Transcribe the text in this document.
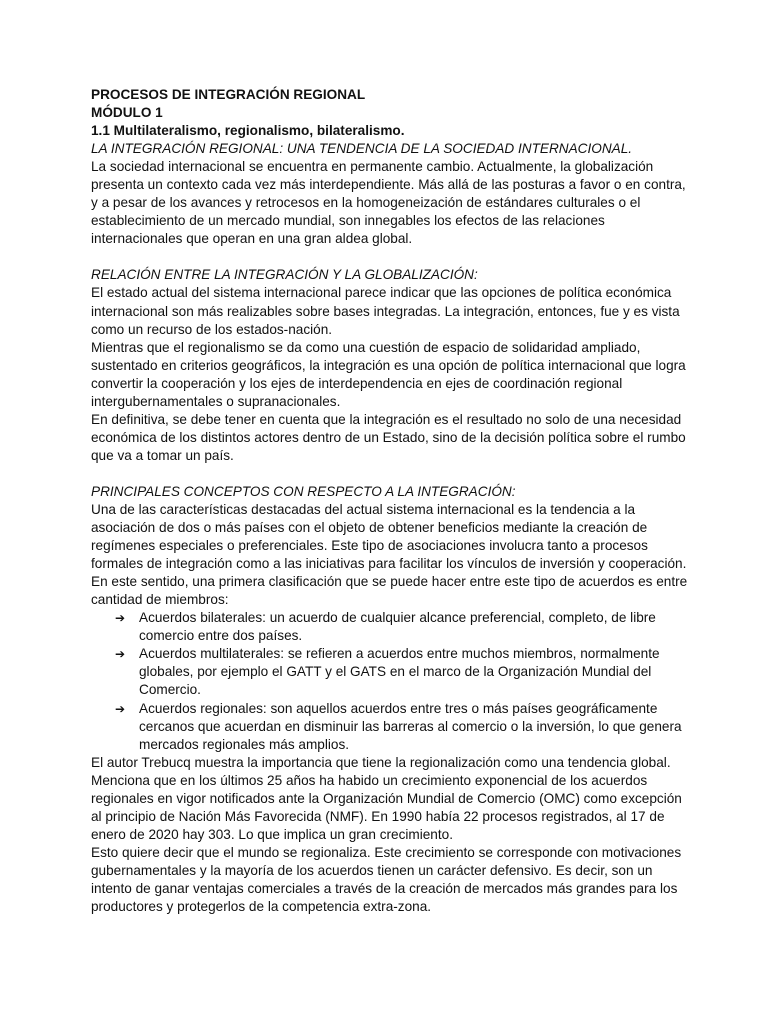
PROCESOS DE INTEGRACIÓN REGIONAL

MÓDULO 1

1.1 Multilateralismo, regionalismo, bilateralismo.

LA INTEGRACIÓN REGIONAL: UNA TENDENCIA DE LA SOCIEDAD INTERNACIONAL.

La sociedad internacional se encuentra en permanente cambio. Actualmente, la globalización presenta un contexto cada vez más interdependiente. Más allá de las posturas a favor o en contra, y a pesar de los avances y retrocesos en la homogeneización de estándares culturales o el establecimiento de un mercado mundial, son innegables los efectos de las relaciones internacionales que operan en una gran aldea global.

RELACIÓN ENTRE LA INTEGRACIÓN Y LA GLOBALIZACIÓN:

El estado actual del sistema internacional parece indicar que las opciones de política económica internacional son más realizables sobre bases integradas. La integración, entonces, fue y es vista como un recurso de los estados-nación.

Mientras que el regionalismo se da como una cuestión de espacio de solidaridad ampliado, sustentado en criterios geográficos, la integración es una opción de política internacional que logra convertir la cooperación y los ejes de interdependencia en ejes de coordinación regional intergubernamentales o supranacionales.

En definitiva, se debe tener en cuenta que la integración es el resultado no solo de una necesidad económica de los distintos actores dentro de un Estado, sino de la decisión política sobre el rumbo que va a tomar un país.

PRINCIPALES CONCEPTOS CON RESPECTO A LA INTEGRACIÓN:

Una de las características destacadas del actual sistema internacional es la tendencia a la asociación de dos o más países con el objeto de obtener beneficios mediante la creación de regímenes especiales o preferenciales. Este tipo de asociaciones involucra tanto a procesos formales de integración como a las iniciativas para facilitar los vínculos de inversión y cooperación.

En este sentido, una primera clasificación que se puede hacer entre este tipo de acuerdos es entre cantidad de miembros:

➔ Acuerdos bilaterales: un acuerdo de cualquier alcance preferencial, completo, de libre comercio entre dos países.
➔ Acuerdos multilaterales: se refieren a acuerdos entre muchos miembros, normalmente globales, por ejemplo el GATT y el GATS en el marco de la Organización Mundial del Comercio.
➔ Acuerdos regionales: son aquellos acuerdos entre tres o más países geográficamente cercanos que acuerdan en disminuir las barreras al comercio o la inversión, lo que genera mercados regionales más amplios.

El autor Trebucq muestra la importancia que tiene la regionalización como una tendencia global. Menciona que en los últimos 25 años ha habido un crecimiento exponencial de los acuerdos regionales en vigor notificados ante la Organización Mundial de Comercio (OMC) como excepción al principio de Nación Más Favorecida (NMF). En 1990 había 22 procesos registrados, al 17 de enero de 2020 hay 303. Lo que implica un gran crecimiento.

Esto quiere decir que el mundo se regionaliza. Este crecimiento se corresponde con motivaciones gubernamentales y la mayoría de los acuerdos tienen un carácter defensivo. Es decir, son un intento de ganar ventajas comerciales a través de la creación de mercados más grandes para los productores y protegerlos de la competencia extra-zona.
